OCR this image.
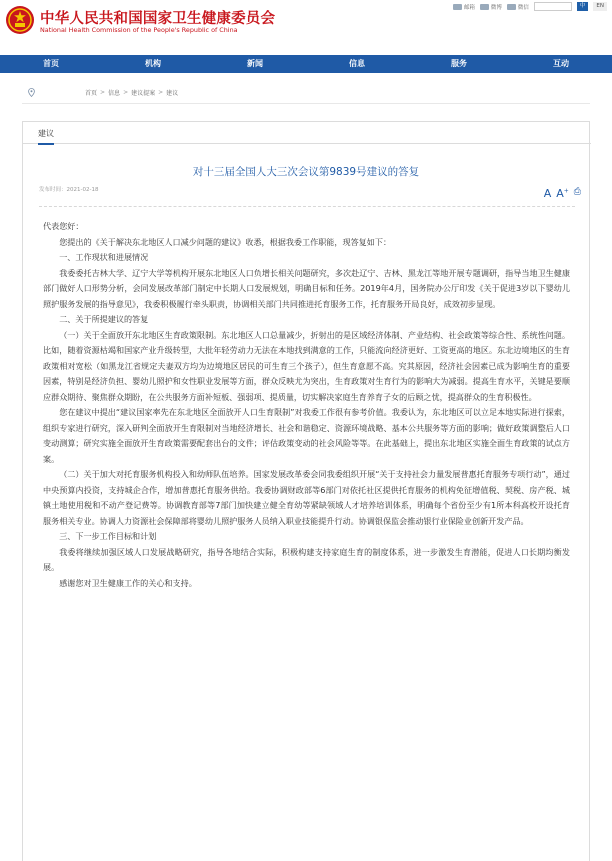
中华人民共和国国家卫生健康委员会
National Health Commission of the People's Republic of China
邮箱	微博	微信	中	EN
首页	机构	新闻	信息	服务	互动
首页 > 信息 > 建议提案 > 建议
建议
对十三届全国人大三次会议第9839号建议的答复
发布时间：2021-02-18	A A+ ⎙

代表您好：

您提出的《关于解决东北地区人口减少问题的建议》收悉，根据我委工作职能，现答复如下：

一、工作现状和进展情况

我委委托吉林大学、辽宁大学等机构开展东北地区人口负增长相关问题研究，多次赴辽宁、吉林、黑龙江等地开展专题调研，指导当地卫生健康部门做好人口形势分析，会同发展改革部门制定中长期人口发展规划，明确目标和任务。2019年4月，国务院办公厅印发《关于促进3岁以下婴幼儿照护服务发展的指导意见》，我委积极履行牵头职责，协调相关部门共同推进托育服务工作，托育服务开局良好，成效初步显现。

二、关于所提建议的答复

（一）关于全面放开东北地区生育政策限制。东北地区人口总量减少，折射出的是区域经济体制、产业结构、社会政策等综合性、系统性问题。比如，随着资源枯竭和国家产业升级转型，大批年轻劳动力无法在本地找到满意的工作，只能流向经济更好、工资更高的地区。东北边境地区的生育政策相对宽松（如黑龙江省规定夫妻双方均为边境地区居民的可生育三个孩子），但生育意愿不高。究其原因，经济社会因素已成为影响生育的重要因素，特别是经济负担、婴幼儿照护和女性职业发展等方面，群众反映尤为突出，生育政策对生育行为的影响大为减弱。提高生育水平，关键是要顺应群众期待、聚焦群众期盼，在公共服务方面补短板、强弱项、提质量，切实解决家庭生育养育子女的后顾之忧，提高群众的生育积极性。

您在建议中提出“建议国家率先在东北地区全面放开人口生育限制”对我委工作很有参考价值。我委认为，东北地区可以立足本地实际进行探索，组织专家进行研究，深入研判全面放开生育限制对当地经济增长、社会和谐稳定、资源环境战略、基本公共服务等方面的影响；做好政策调整后人口变动测算；研究实施全面放开生育政策需要配套出台的文件；评估政策变动的社会风险等等。在此基础上，提出东北地区实施全面生育政策的试点方案。

（二）关于加大对托育服务机构投入和幼师队伍培养。国家发展改革委会同我委组织开展“关于支持社会力量发展普惠托育服务专项行动”，通过中央预算内投资，支持城企合作，增加普惠托育服务供给。我委协调财政部等6部门对依托社区提供托育服务的机构免征增值税、契税、房产税、城镇土地使用税和不动产登记费等。协调教育部等7部门加快建立健全育幼等紧缺领域人才培养培训体系，明确每个省份至少有1所本科高校开设托育服务相关专业。协调人力资源社会保障部将婴幼儿照护服务人员纳入职业技能提升行动。协调银保监会推动银行业保险业创新开发产品。

三、下一步工作目标和计划

我委将继续加强区域人口发展战略研究，指导各地结合实际，积极构建支持家庭生育的制度体系，进一步激发生育潜能，促进人口长期均衡发展。

感谢您对卫生健康工作的关心和支持。
